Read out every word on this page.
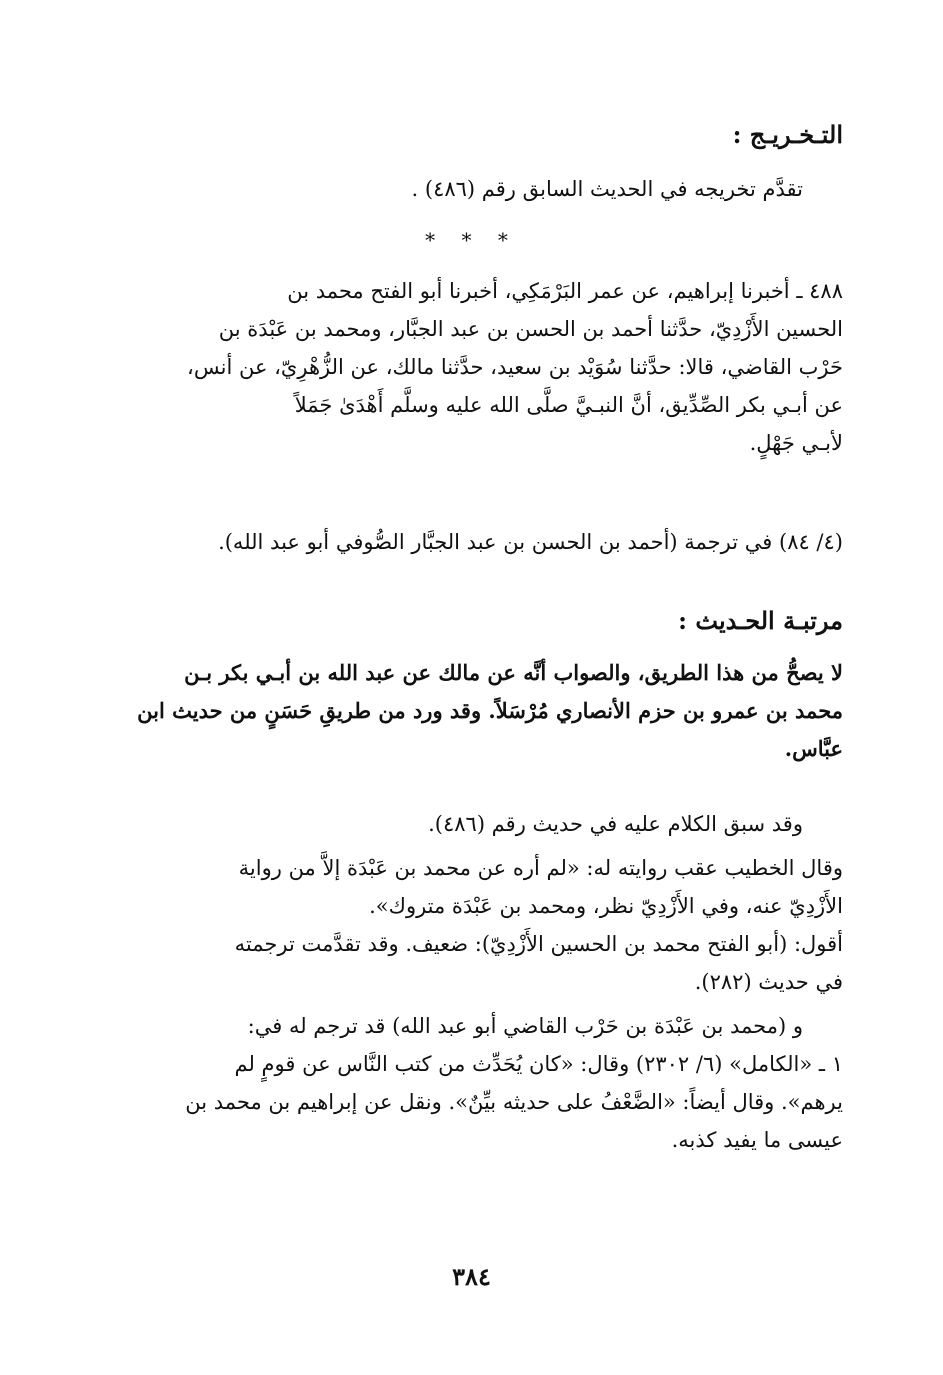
التـخـريـج :

تقدَّم تخريجه في الحديث السابق رقم (٤٨٦) .

* * *

٤٨٨ ـ أخبرنا إبراهيم، عن عمر البَرْمَكِي، أخبرنا أبو الفتح محمد بن

الحسين الأَزْدِيّ، حدَّثنا أحمد بن الحسن بن عبد الجبَّار، ومحمد بن عَبْدَة بن

حَرْب القاضي، قالا: حدَّثنا سُوَيْد بن سعيد، حدَّثنا مالك، عن الزُّهْرِيّ، عن أنس،

عن أبـي بكر الصِّدِّيق، أنَّ النبـيَّ صلَّى الله عليه وسلَّم أَهْدَىٰ جَمَلاً

لأبـي جَهْلٍ.

(٤/ ٨٤) في ترجمة (أحمد بن الحسن بن عبد الجبَّار الصُّوفي أبو عبد الله).

مرتبـة الحـديث :

لا يصحُّ من هذا الطريق، والصواب أنَّه عن مالك عن عبد الله بن أبـي بكر بـن

محمد بن عمرو بن حزم الأنصاري مُرْسَلاً. وقد ورد من طريقِ حَسَنٍ من حديث ابن

عبَّاس.

وقد سبق الكلام عليه في حديث رقم (٤٨٦).

وقال الخطيب عقب روايته له: «لم أره عن محمد بن عَبْدَة إلاَّ من رواية

الأَزْدِيّ عنه، وفي الأَزْدِيّ نظر، ومحمد بن عَبْدَة متروك».

أقول: (أبو الفتح محمد بن الحسين الأَزْدِيّ): ضعيف. وقد تقدَّمت ترجمته

في حديث (٢٨٢).

و (محمد بن عَبْدَة بن حَرْب القاضي أبو عبد الله) قد ترجم له في:

١ ـ «الكامل» (٦/ ٢٣٠٢) وقال: «كان يُحَدِّث من كتب النَّاس عن قومٍ لم

يرهم». وقال أيضاً: «الضَّعْفُ على حديثه بيِّنٌ». ونقل عن إبراهيم بن محمد بن

عيسى ما يفيد كذبه.

٣٨٤
